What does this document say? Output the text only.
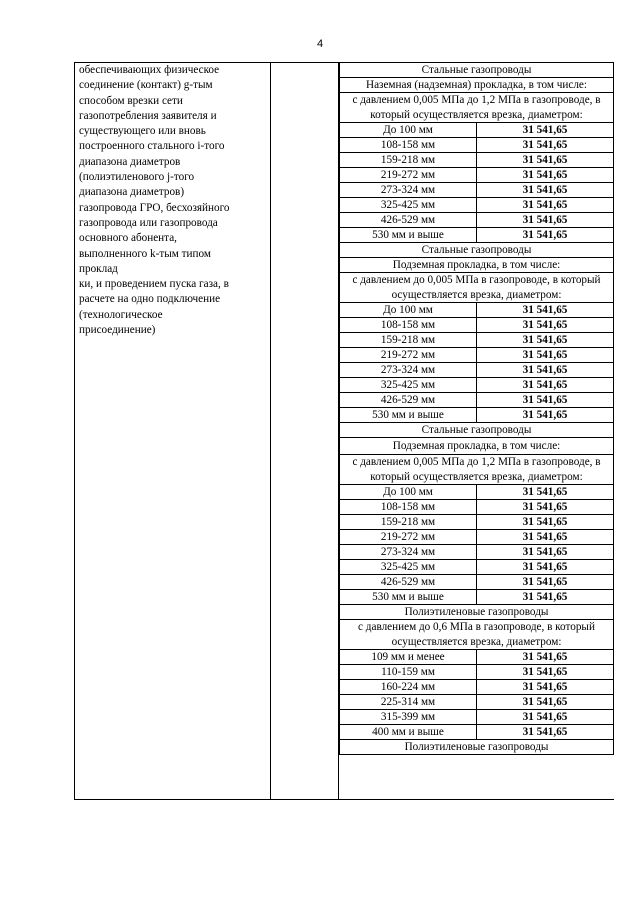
4
обеспечивающих физическое
соединение (контакт) g-тым
способом врезки сети
газопотребления заявителя и
существующего или вновь
построенного стального i-того
диапазона диаметров
(полиэтиленового j-того
диапазона диаметров)
газопровода ГРО, бесхозяйного
газопровода или газопровода
основного абонента,
выполненного k-тым типом
проклад
ки, и проведением пуска газа, в
расчете на одно подключение
(технологическое
присоединение)
Стальные газопроводы	
Наземная (надземная) прокладка, в том числе:	
с давлением 0,005 МПа до 1,2 МПа в газопроводе, в который осуществляется врезка, диаметром:	
До 100 мм	31 541,65
108-158 мм	31 541,65
159-218 мм	31 541,65
219-272 мм	31 541,65
273-324 мм	31 541,65
325-425 мм	31 541,65
426-529 мм	31 541,65
530 мм и выше	31 541,65
Стальные газопроводы	
Подземная прокладка, в том числе:	
с давлением до 0,005 МПа в газопроводе, в который осуществляется врезка, диаметром:	
До 100 мм	31 541,65
108-158 мм	31 541,65
159-218 мм	31 541,65
219-272 мм	31 541,65
273-324 мм	31 541,65
325-425 мм	31 541,65
426-529 мм	31 541,65
530 мм и выше	31 541,65
Стальные газопроводы	
Подземная прокладка, в том числе:	
с давлением 0,005 МПа до 1,2 МПа в газопроводе, в который осуществляется врезка, диаметром:	
До 100 мм	31 541,65
108-158 мм	31 541,65
159-218 мм	31 541,65
219-272 мм	31 541,65
273-324 мм	31 541,65
325-425 мм	31 541,65
426-529 мм	31 541,65
530 мм и выше	31 541,65
Полиэтиленовые газопроводы	
с давлением до 0,6 МПа в газопроводе, в который осуществляется врезка, диаметром:	
109 мм и менее	31 541,65
110-159 мм	31 541,65
160-224 мм	31 541,65
225-314 мм	31 541,65
315-399 мм	31 541,65
400 мм и выше	31 541,65
Полиэтиленовые газопроводы	
